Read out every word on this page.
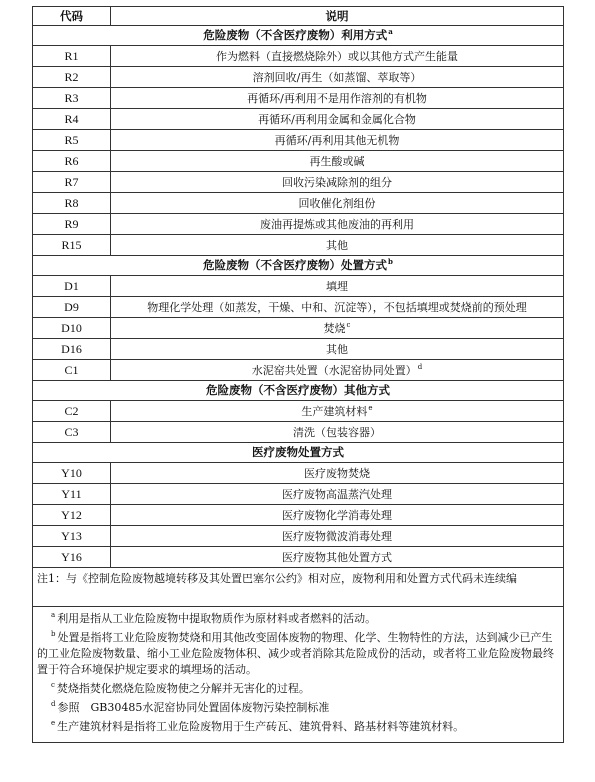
代码	说明
危险废物（不含医疗废物）利用方式$^a$
R1	作为燃料（直接燃烧除外）或以其他方式产生能量
R2	溶剂回收/再生（如蒸馏、萃取等）
R3	再循环/再利用不是用作溶剂的有机物
R4	再循环/再利用金属和金属化合物
R5	再循环/再利用其他无机物
R6	再生酸或碱
R7	回收污染减除剂的组分
R8	回收催化剂组份
R9	废油再提炼或其他废油的再利用
R15	其他
危险废物（不含医疗废物）处置方式$^b$
D1	填埋
D9	物理化学处理（如蒸发，干燥、中和、沉淀等），不包括填埋或焚烧前的预处理
D10	焚烧$^c$
D16	其他
C1	水泥窑共处置（水泥窑协同处置）$^d$
危险废物（不含医疗废物）其他方式	
C2	生产建筑材料$^e$
C3	清洗（包装容器）
医疗废物处置方式	
Y10	医疗废物焚烧
Y11	医疗废物高温蒸汽处理
Y12	医疗废物化学消毒处理
Y13	医疗废物微波消毒处理
Y16	医疗废物其他处置方式
注1：与《控制危险废物越境转移及其处置巴塞尔公约》相对应，废物利用和处置方式代码未连续编	

$^a$ 利用是指从工业危险废物中提取物质作为原材料或者燃料的活动。
$^b$ 处置是指将工业危险废物焚烧和用其他改变固体废物的物理、化学、生物特性的方法，达到减少已产生的工业危险废物数量、缩小工业危险废物体积、减少或者消除其危险成份的活动，或者将工业危险废物最终置于符合环境保护规定要求的填埋场的活动。
$^c$ 焚烧指焚化燃烧危险废物使之分解并无害化的过程。
$^d$ 参照　GB30485水泥窑协同处置固体废物污染控制标准
$^e$ 生产建筑材料是指将工业危险废物用于生产砖瓦、建筑骨料、路基材料等建筑材料。	
